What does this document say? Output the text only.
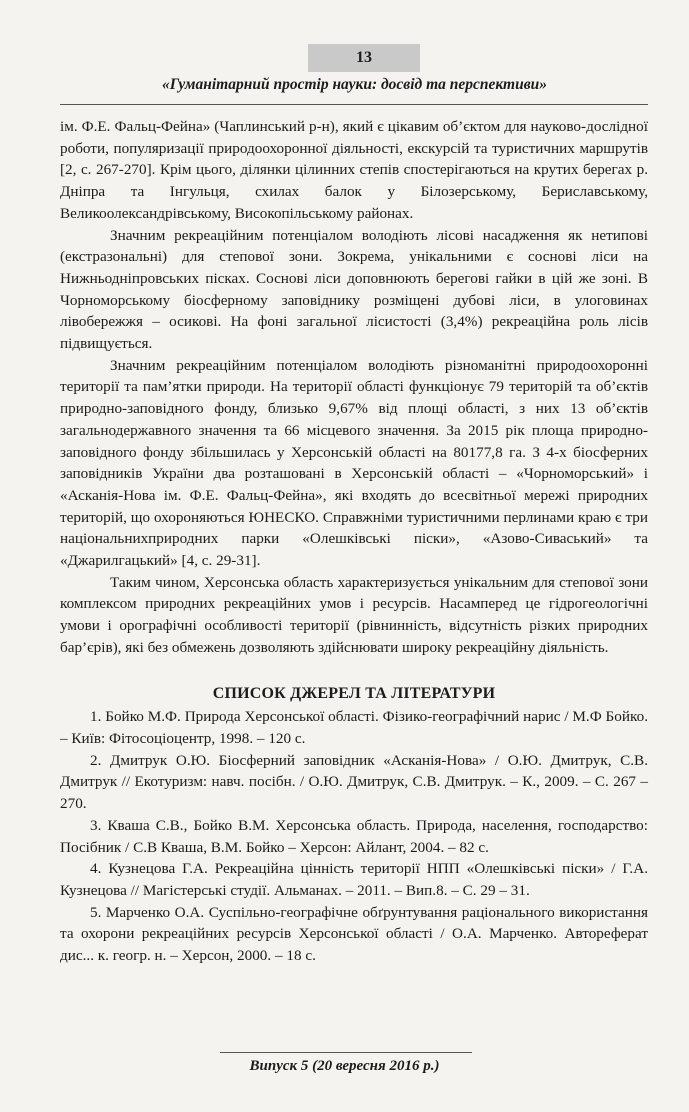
13
«Гуманітарний простір науки: досвід та перспективи»

ім. Ф.Е. Фальц-Фейна» (Чаплинський р-н), який є цікавим об’єктом для науково-дослідної роботи, популяризації природоохоронної діяльності, екскурсій та туристичних маршрутів [2, с. 267-270]. Крім цього, ділянки цілинних степів спостерігаються на крутих берегах р. Дніпра та Інгульця, схилах балок у Білозерському, Бериславському, Великоолександрівському, Високопільському районах.

Значним рекреаційним потенціалом володіють лісові насадження як нетипові (екстразональні) для степової зони. Зокрема, унікальними є соснові ліси на Нижньодніпровських пісках. Соснові ліси доповнюють берегові гайки в цій же зоні. В Чорноморському біосферному заповіднику розміщені дубові ліси, в улоговинах лівобережжя – осикові. На фоні загальної лісистості (3,4%) рекреаційна роль лісів підвищується.

Значним рекреаційним потенціалом володіють різноманітні природоохоронні території та пам’ятки природи. На території області функціонує 79 територій та об’єктів природно-заповідного фонду, близько 9,67% від площі області, з них 13 об’єктів загальнодержавного значення та 66 місцевого значення. За 2015 рік площа природно-заповідного фонду збільшилась у Херсонській області на 80177,8 га. З 4-х біосферних заповідників України два розташовані в Херсонській області – «Чорноморський» і «Асканія-Нова ім. Ф.Е. Фальц-Фейна», які входять до всесвітньої мережі природних територій, що охороняються ЮНЕСКО. Справжніми туристичними перлинами краю є три національнихприродних парки «Олешківські піски», «Азово-Сиваський» та «Джарилгацький» [4, с. 29-31].

Таким чином, Херсонська область характеризується унікальним для степової зони комплексом природних рекреаційних умов і ресурсів. Насамперед це гідрогеологічні умови і орографічні особливості території (рівнинність, відсутність різких природних бар’єрів), які без обмежень дозволяють здійснювати широку рекреаційну діяльність.

СПИСОК ДЖЕРЕЛ ТА ЛІТЕРАТУРИ

1. Бойко М.Ф. Природа Херсонської області. Фізико-географічний нарис / М.Ф Бойко. – Київ: Фітосоціоцентр, 1998. – 120 с.

2. Дмитрук О.Ю. Біосферний заповідник «Асканія-Нова» / О.Ю. Дмитрук, С.В. Дмитрук // Екотуризм: навч. посібн. / О.Ю. Дмитрук, С.В. Дмитрук. – К., 2009. – С. 267 – 270.

3. Кваша С.В., Бойко В.М. Херсонська область. Природа, населення, господарство: Посібник / С.В Кваша, В.М. Бойко – Херсон: Айлант, 2004. – 82 с.

4. Кузнецова Г.А. Рекреаційна цінність території НПП «Олешківські піски» / Г.А. Кузнецова // Магістерські студії. Альманах. – 2011. – Вип.8. – С. 29 – 31.

5. Марченко О.А. Суспільно-географічне обґрунтування раціонального використання та охорони рекреаційних ресурсів Херсонської області / О.А. Марченко. Автореферат дис... к. геогр. н. – Херсон, 2000. – 18 с.

Випуск 5 (20 вересня 2016 р.)
